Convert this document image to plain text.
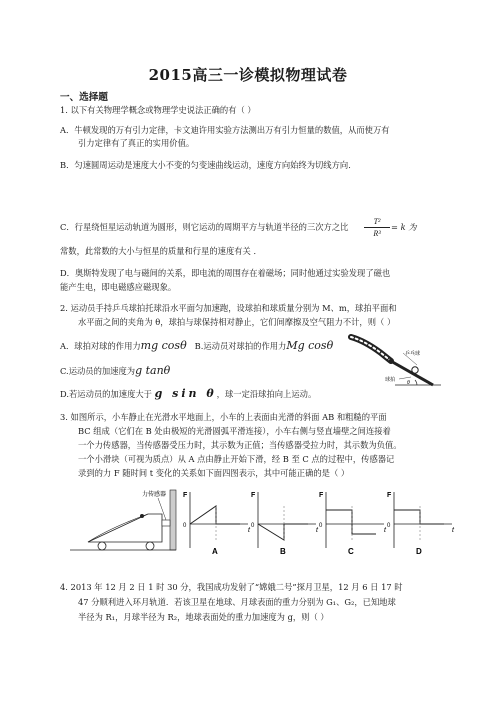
2015高三一诊模拟物理试卷
一、选择题
1. 以下有关物理学概念或物理学史说法正确的有（ ）
A．牛顿发现的万有引力定律，卡文迪许用实验方法测出万有引力恒量的数值，从而使万有
引力定律有了真正的实用价值。
B．匀速圆周运动是速度大小不变的匀变速曲线运动，速度方向始终为切线方向．
C．行星绕恒星运动轨道为圆形，则它运动的周期平方与轨道半径的三次方之比
T²
R³
= k 为
常数，此常数的大小与恒星的质量和行星的速度有关 ．
D．奥斯特发现了电与磁间的关系，即电流的周围存在着磁场；同时他通过实验发现了磁也
能产生电，即电磁感应磁现象。
2. 运动员手持乒乓球拍托球沿水平面匀加速跑，设球拍和球质量分别为 M、m，球拍平面和
水平面之间的夹角为 θ，球拍与球保持相对静止，它们间摩擦及空气阻力不计，则（ ）
A．球拍对球的作用力mg cosθ B.运动员对球拍的作用力Mg cosθ
C.运动员的加速度为g tanθ
D.若运动员的加速度大于 g sin θ，球一定沿球拍向上运动。
乒乓球
球拍 θ
3. 如图所示，小车静止在光滑水平地面上，小车的上表面由光滑的斜面 AB 和粗糙的平面
BC 组成（它们在 B 处由极短的光滑圆弧平滑连接），小车右侧与竖直墙壁之间连接着
一个力传感器，当传感器受压力时，其示数为正值；当传感器受拉力时，其示数为负值。
一个小滑块（可视为质点）从 A 点由静止开始下滑，经 B 至 C 点的过程中，传感器记
录到的力 F 随时间 t 变化的关系如下面四图表示，其中可能正确的是（ ）
力传感器 F
t
0
A
F
t
0
B
F
t
0
C
F
t
0
D
4. 2013 年 12 月 2 日 1 时 30 分，我国成功发射了“嫦娥二号”探月卫星，12 月 6 日 17 时
47 分顺利进入环月轨道．若该卫星在地球、月球表面的重力分别为 G₁、G₂，已知地球
半径为 R₁，月球半径为 R₂，地球表面处的重力加速度为 g，则（ ）
